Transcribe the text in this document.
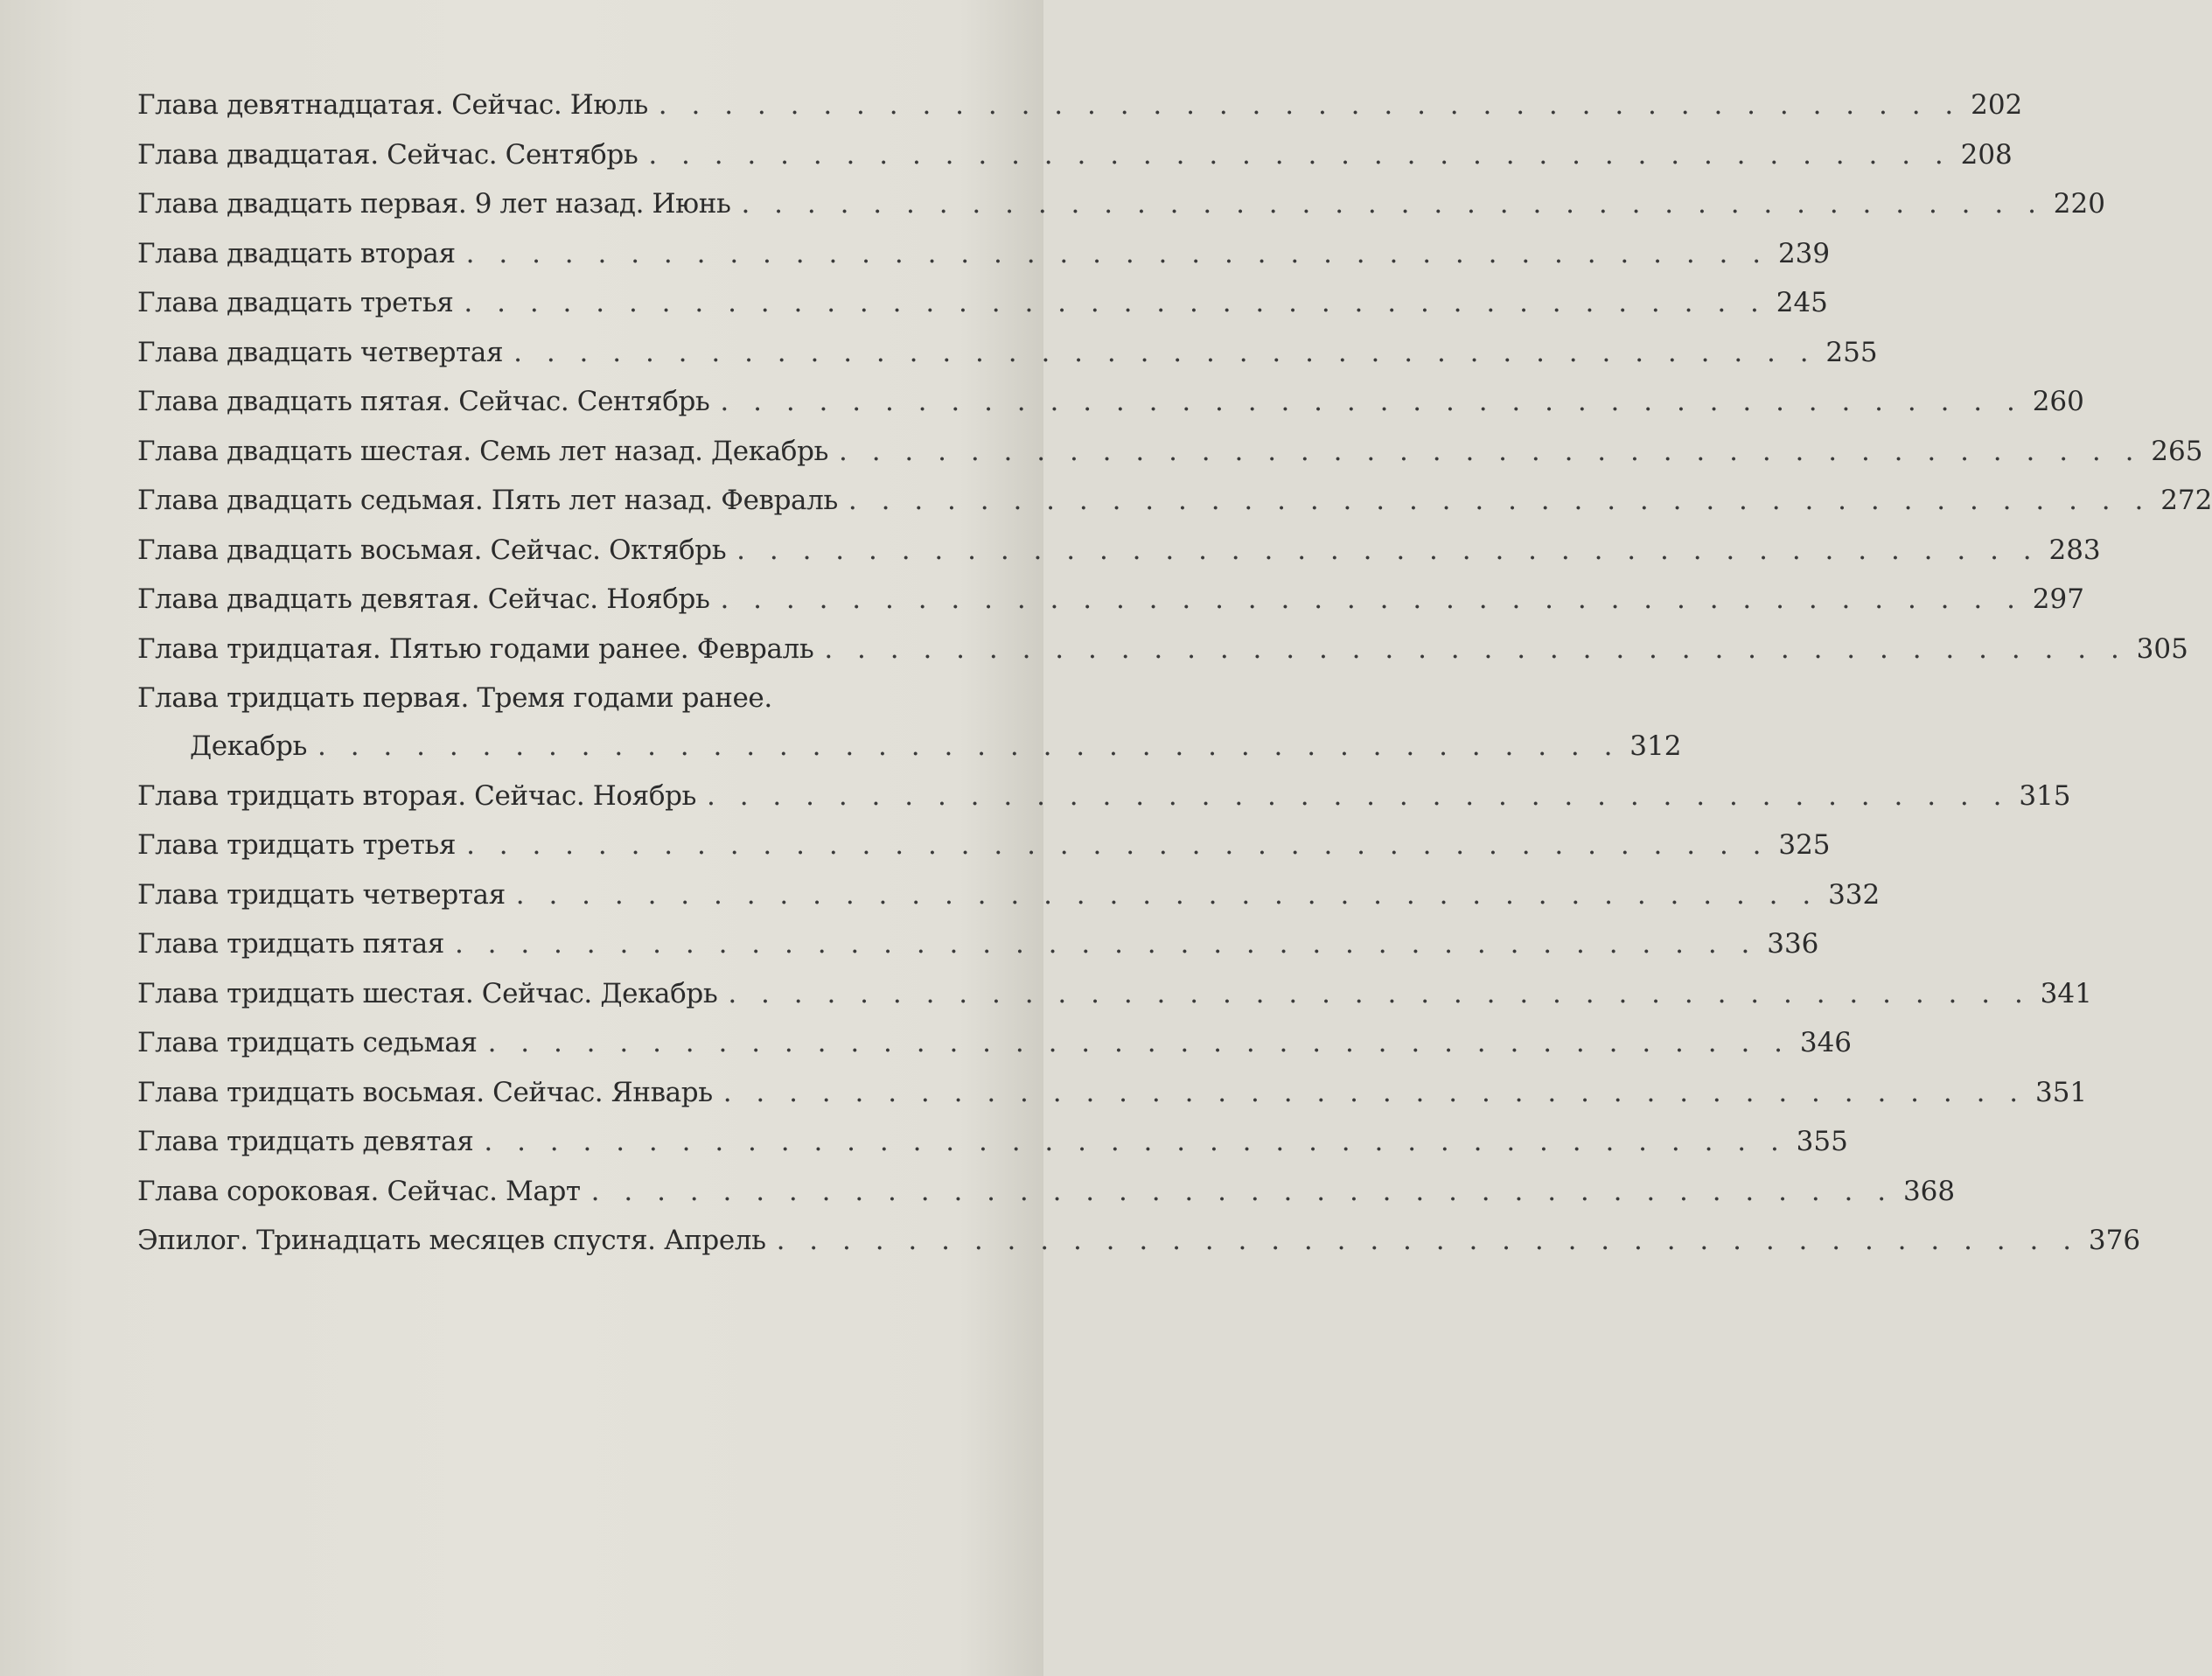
Глава девятнадцатая. Сейчас. Июль . . . . . . . . . . . . . . . . . . . . . . . . . . . . . . . . . . . . . . . . 202
Глава двадцатая. Сейчас. Сентябрь . . . . . . . . . . . . . . . . . . . . . . . . . . . . . . . . . . . . . . . . 208
Глава двадцать первая. 9 лет назад. Июнь . . . . . . . . . . . . . . . . . . . . . . . . . . . . . . . . . . . . . . . . 220
Глава двадцать вторая . . . . . . . . . . . . . . . . . . . . . . . . . . . . . . . . . . . . . . . . 239
Глава двадцать третья . . . . . . . . . . . . . . . . . . . . . . . . . . . . . . . . . . . . . . . . 245
Глава двадцать четвертая . . . . . . . . . . . . . . . . . . . . . . . . . . . . . . . . . . . . . . . . 255
Глава двадцать пятая. Сейчас. Сентябрь . . . . . . . . . . . . . . . . . . . . . . . . . . . . . . . . . . . . . . . . 260
Глава двадцать шестая. Семь лет назад. Декабрь . . . . . . . . . . . . . . . . . . . . . . . . . . . . . . . . . . . . . . . . 265
Глава двадцать седьмая. Пять лет назад. Февраль . . . . . . . . . . . . . . . . . . . . . . . . . . . . . . . . . . . . . . . . 272
Глава двадцать восьмая. Сейчас. Октябрь . . . . . . . . . . . . . . . . . . . . . . . . . . . . . . . . . . . . . . . . 283
Глава двадцать девятая. Сейчас. Ноябрь . . . . . . . . . . . . . . . . . . . . . . . . . . . . . . . . . . . . . . . . 297
Глава тридцатая. Пятью годами ранее. Февраль . . . . . . . . . . . . . . . . . . . . . . . . . . . . . . . . . . . . . . . . 305
Глава тридцать первая. Тремя годами ранее.
Декабрь . . . . . . . . . . . . . . . . . . . . . . . . . . . . . . . . . . . . . . . . 312
Глава тридцать вторая. Сейчас. Ноябрь . . . . . . . . . . . . . . . . . . . . . . . . . . . . . . . . . . . . . . . . 315
Глава тридцать третья . . . . . . . . . . . . . . . . . . . . . . . . . . . . . . . . . . . . . . . . 325
Глава тридцать четвертая . . . . . . . . . . . . . . . . . . . . . . . . . . . . . . . . . . . . . . . . 332
Глава тридцать пятая . . . . . . . . . . . . . . . . . . . . . . . . . . . . . . . . . . . . . . . . 336
Глава тридцать шестая. Сейчас. Декабрь . . . . . . . . . . . . . . . . . . . . . . . . . . . . . . . . . . . . . . . . 341
Глава тридцать седьмая . . . . . . . . . . . . . . . . . . . . . . . . . . . . . . . . . . . . . . . . 346
Глава тридцать восьмая. Сейчас. Январь . . . . . . . . . . . . . . . . . . . . . . . . . . . . . . . . . . . . . . . . 351
Глава тридцать девятая . . . . . . . . . . . . . . . . . . . . . . . . . . . . . . . . . . . . . . . . 355
Глава сороковая. Сейчас. Март . . . . . . . . . . . . . . . . . . . . . . . . . . . . . . . . . . . . . . . . 368
Эпилог. Тринадцать месяцев спустя. Апрель . . . . . . . . . . . . . . . . . . . . . . . . . . . . . . . . . . . . . . . . 376
